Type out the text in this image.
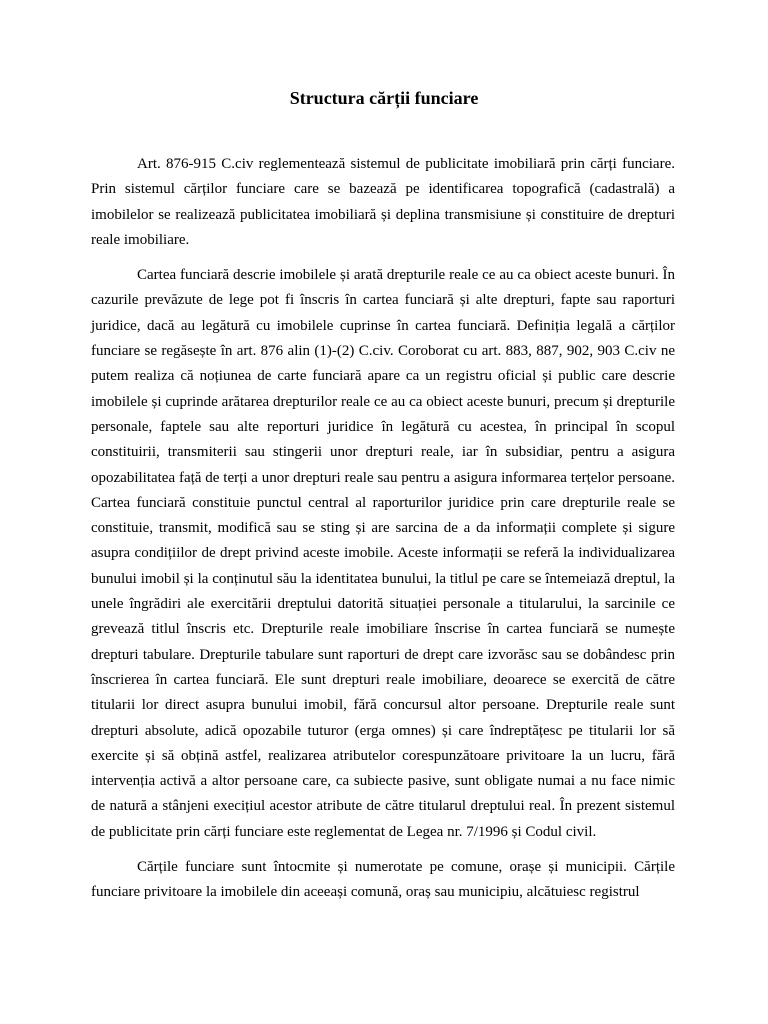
Structura cărții funciare

Art. 876-915 C.civ reglementează sistemul de publicitate imobiliară prin cărți funciare. Prin sistemul cărților funciare care se bazează pe identificarea topografică (cadastrală) a imobilelor se realizează publicitatea imobiliară și deplina transmisiune și constituire de drepturi reale imobiliare.

Cartea funciară descrie imobilele și arată drepturile reale ce au ca obiect aceste bunuri. În cazurile prevăzute de lege pot fi înscris în cartea funciară și alte drepturi, fapte sau raporturi juridice, dacă au legătură cu imobilele cuprinse în cartea funciară. Definiția legală a cărților funciare se regăsește în art. 876 alin (1)-(2) C.civ. Coroborat cu art. 883, 887, 902, 903 C.civ ne putem realiza că noțiunea de carte funciară apare ca un registru oficial și public care descrie imobilele și cuprinde arătarea drepturilor reale ce au ca obiect aceste bunuri, precum și drepturile personale, faptele sau alte reporturi juridice în legătură cu acestea, în principal în scopul constituirii, transmiterii sau stingerii unor drepturi reale, iar în subsidiar, pentru a asigura opozabilitatea față de terți a unor drepturi reale sau pentru a asigura informarea terțelor persoane. Cartea funciară constituie punctul central al raporturilor juridice prin care drepturile reale se constituie, transmit, modifică sau se sting și are sarcina de a da informații complete și sigure asupra condițiilor de drept privind aceste imobile. Aceste informații se referă la individualizarea bunului imobil și la conținutul său la identitatea bunului, la titlul pe care se întemeiază dreptul, la unele îngrădiri ale exercitării dreptului datorită situației personale a titularului, la sarcinile ce grevează titlul înscris etc. Drepturile reale imobiliare înscrise în cartea funciară se numește drepturi tabulare. Drepturile tabulare sunt raporturi de drept care izvorăsc sau se dobândesc prin înscrierea în cartea funciară. Ele sunt drepturi reale imobiliare, deoarece se exercită de către titularii lor direct asupra bunului imobil, fără concursul altor persoane. Drepturile reale sunt drepturi absolute, adică opozabile tuturor (erga omnes) și care îndreptățesc pe titularii lor să exercite și să obțină astfel, realizarea atributelor corespunzătoare privitoare la un lucru, fără intervenția activă a altor persoane care, ca subiecte pasive, sunt obligate numai a nu face nimic de natură a stânjeni execițiul acestor atribute de către titularul dreptului real. În prezent sistemul de publicitate prin cărți funciare este reglementat de Legea nr. 7/1996 și Codul civil.

Cărțile funciare sunt întocmite și numerotate pe comune, orașe și municipii. Cărțile funciare privitoare la imobilele din aceeași comună, oraș sau municipiu, alcătuiesc registrul
